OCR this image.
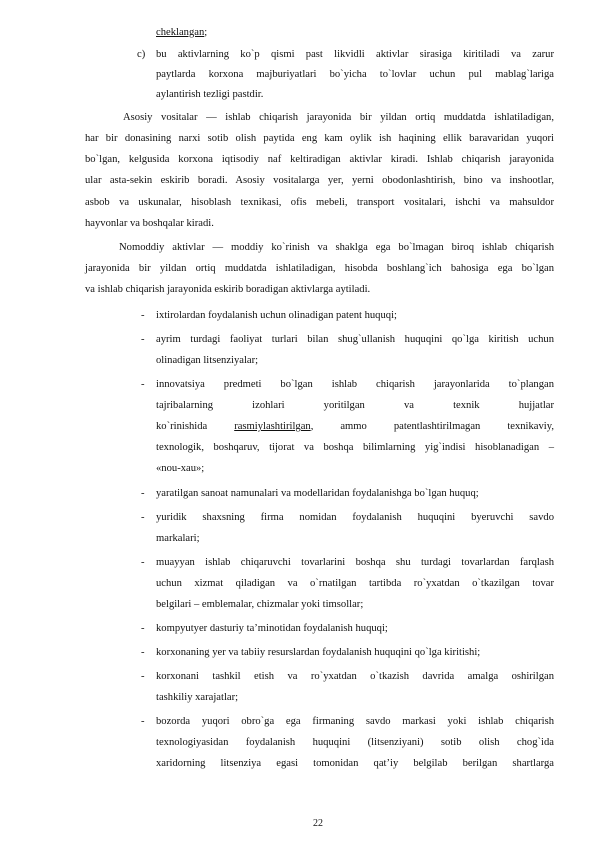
cheklangan;
c) bu aktivlarning ko`p qismi past likvidli aktivlar sirasiga kiritiladi va zarur
paytlarda korxona majburiyatlari bo`yicha to`lovlar uchun pul mablag`lariga
aylantirish tezligi pastdir.
Asosiy vositalar — ishlab chiqarish jarayonida bir yildan ortiq muddatda ishlatiladigan,
har bir donasining narxi sotib olish paytida eng kam oylik ish haqining ellik baravaridan yuqori
bo`lgan, kelgusida korxona iqtisodiy naf keltiradigan aktivlar kiradi. Ishlab chiqarish jarayonida
ular asta-sekin eskirib boradi. Asosiy vositalarga yer, yerni obodonlashtirish, bino va inshootlar,
asbob va uskunalar, hisoblash texnikasi, ofis mebeli, transport vositalari, ishchi va mahsuldor
hayvonlar va boshqalar kiradi.
Nomoddiy aktivlar — moddiy ko`rinish va shaklga ega bo`lmagan biroq ishlab chiqarish
jarayonida bir yildan ortiq muddatda ishlatiladigan, hisobda boshlang`ich bahosiga ega bo`lgan
va ishlab chiqarish jarayonida eskirib boradigan aktivlarga aytiladi.
- ixtirolardan foydalanish uchun olinadigan patent huquqi;
- ayrim turdagi faoliyat turlari bilan shug`ullanish huquqini qo`lga kiritish uchun
olinadigan litsenziyalar;
- innovatsiya predmeti bo`lgan ishlab chiqarish jarayonlarida to`plangan
tajribalarning izohlari yoritilgan va texnik hujjatlar
ko`rinishida rasmiylashtirilgan, ammo patentlashtirilmagan texnikaviy,
texnologik, boshqaruv, tijorat va boshqa bilimlarning yig`indisi hisoblanadigan –
«nou-xau»;
- yaratilgan sanoat namunalari va modellaridan foydalanishga bo`lgan huquq;
- yuridik shaxsning firma nomidan foydalanish huquqini byeruvchi savdo
markalari;
- muayyan ishlab chiqaruvchi tovarlarini boshqa shu turdagi tovarlardan farqlash
uchun xizmat qiladigan va o`rnatilgan tartibda ro`yxatdan o`tkazilgan tovar
belgilari – emblemalar, chizmalar yoki timsollar;
- kompyutyer dasturiy ta’minotidan foydalanish huquqi;
- korxonaning yer va tabiiy resurslardan foydalanish huquqini qo`lga kiritishi;
- korxonani tashkil etish va ro`yxatdan o`tkazish davrida amalga oshirilgan
tashkiliy xarajatlar;
- bozorda yuqori obro`ga ega firmaning savdo markasi yoki ishlab chiqarish
texnologiyasidan foydalanish huquqini (litsenziyani) sotib olish chog`ida
xaridorning litsenziya egasi tomonidan qat’iy belgilab berilgan shartlarga
22
